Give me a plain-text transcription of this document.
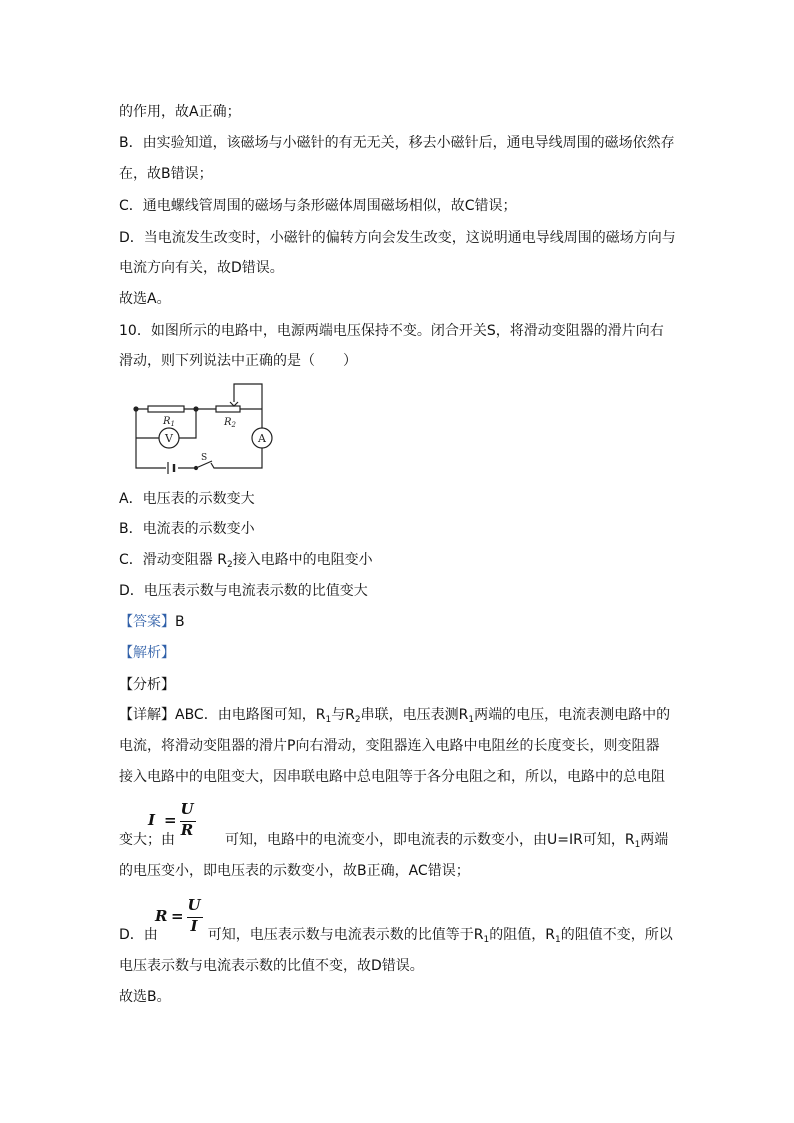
的作用，故A正确；
B．由实验知道，该磁场与小磁针的有无无关，移去小磁针后，通电导线周围的磁场依然存
在，故B错误；
C．通电螺线管周围的磁场与条形磁体周围磁场相似，故C错误；
D．当电流发生改变时，小磁针的偏转方向会发生改变，这说明通电导线周围的磁场方向与
电流方向有关，故D错误。
故选A。
10．如图所示的电路中，电源两端电压保持不变。闭合开关S，将滑动变阻器的滑片向右
滑动，则下列说法中正确的是（　　）
$R_1$	$R_2$
V	A
S
A．电压表的示数变大
B．电流表的示数变小
C．滑动变阻器 $R_2$接入电路中的电阻变小
D．电压表示数与电流表示数的比值变大
【答案】B
【解析】
【分析】
【详解】ABC．由电路图可知，$R_1$与$R_2$串联，电压表测$R_1$两端的电压，电流表测电路中的
电流，将滑动变阻器的滑片P向右滑动，变阻器连入电路中电阻丝的长度变长，则变阻器
接入电路中的电阻变大，因串联电路中总电阻等于各分电阻之和，所以，电路中的总电阻
I =
U
R
变大；由	可知，电路中的电流变小，即电流表的示数变小，由U=IR可知，$R_1$两端
的电压变小，即电压表的示数变小，故B正确，AC错误；
R =
U
I
D．由	可知，电压表示数与电流表示数的比值等于$R_1$的阻值，$R_1$的阻值不变，所以
电压表示数与电流表示数的比值不变，故D错误。
故选B。
